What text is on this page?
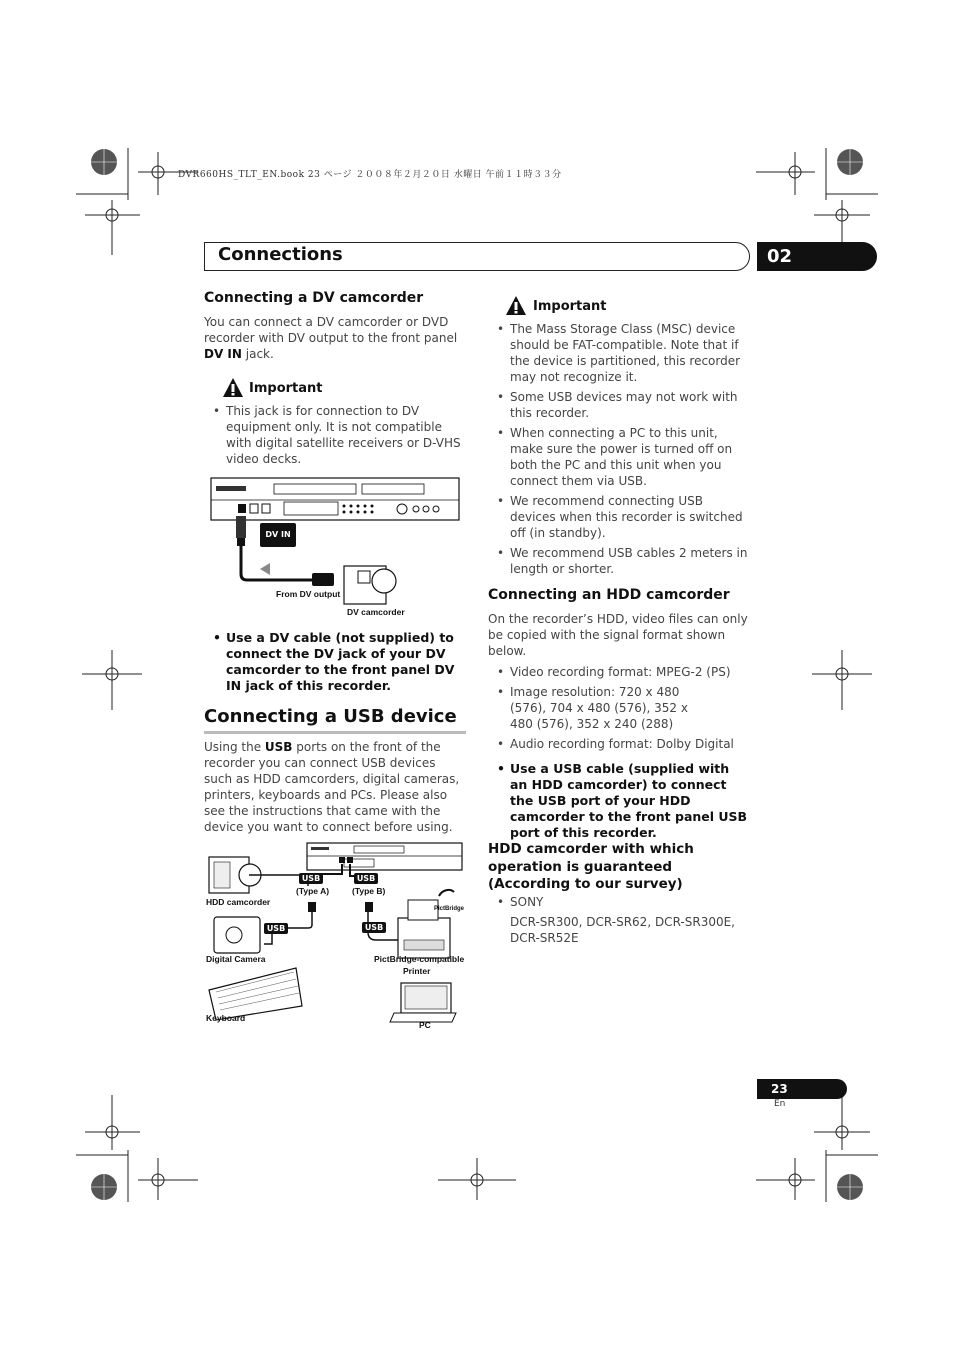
DVR660HS_TLT_EN.book 23 ページ ２００８年２月２０日 水曜日 午前１１時３３分
Connections	02
Connecting a DV camcorder
You can connect a DV camcorder or DVD recorder with DV output to the front panel DV IN jack.
Important
• This jack is for connection to DV equipment only. It is not compatible with digital satellite receivers or D-VHS video decks.
DV IN
From DV output
DV camcorder
• Use a DV cable (not supplied) to connect the DV jack of your DV camcorder to the front panel DV IN jack of this recorder.
Connecting a USB device
Using the USB ports on the front of the recorder you can connect USB devices such as HDD camcorders, digital cameras, printers, keyboards and PCs. Please also see the instructions that came with the device you want to connect before using.
HDD camcorder
Digital Camera
Keyboard
USB
(Type A)
USB
(Type B)
USB	USB
PictBridge
PictBridge-compatible
Printer
PC
Important
• The Mass Storage Class (MSC) device should be FAT-compatible. Note that if the device is partitioned, this recorder may not recognize it.
• Some USB devices may not work with this recorder.
• When connecting a PC to this unit, make sure the power is turned off on both the PC and this unit when you connect them via USB.
• We recommend connecting USB devices when this recorder is switched off (in standby).
• We recommend USB cables 2 meters in length or shorter.
Connecting an HDD camcorder
On the recorder’s HDD, video files can only be copied with the signal format shown below.
• Video recording format: MPEG-2 (PS)
• Image resolution: 720 x 480 (576), 704 x 480 (576), 352 x 480 (576), 352 x 240 (288)
• Audio recording format: Dolby Digital
• Use a USB cable (supplied with an HDD camcorder) to connect the USB port of your HDD camcorder to the front panel USB port of this recorder.
HDD camcorder with which operation is guaranteed (According to our survey)
• SONY
DCR-SR300, DCR-SR62, DCR-SR300E, DCR-SR52E
23
En
